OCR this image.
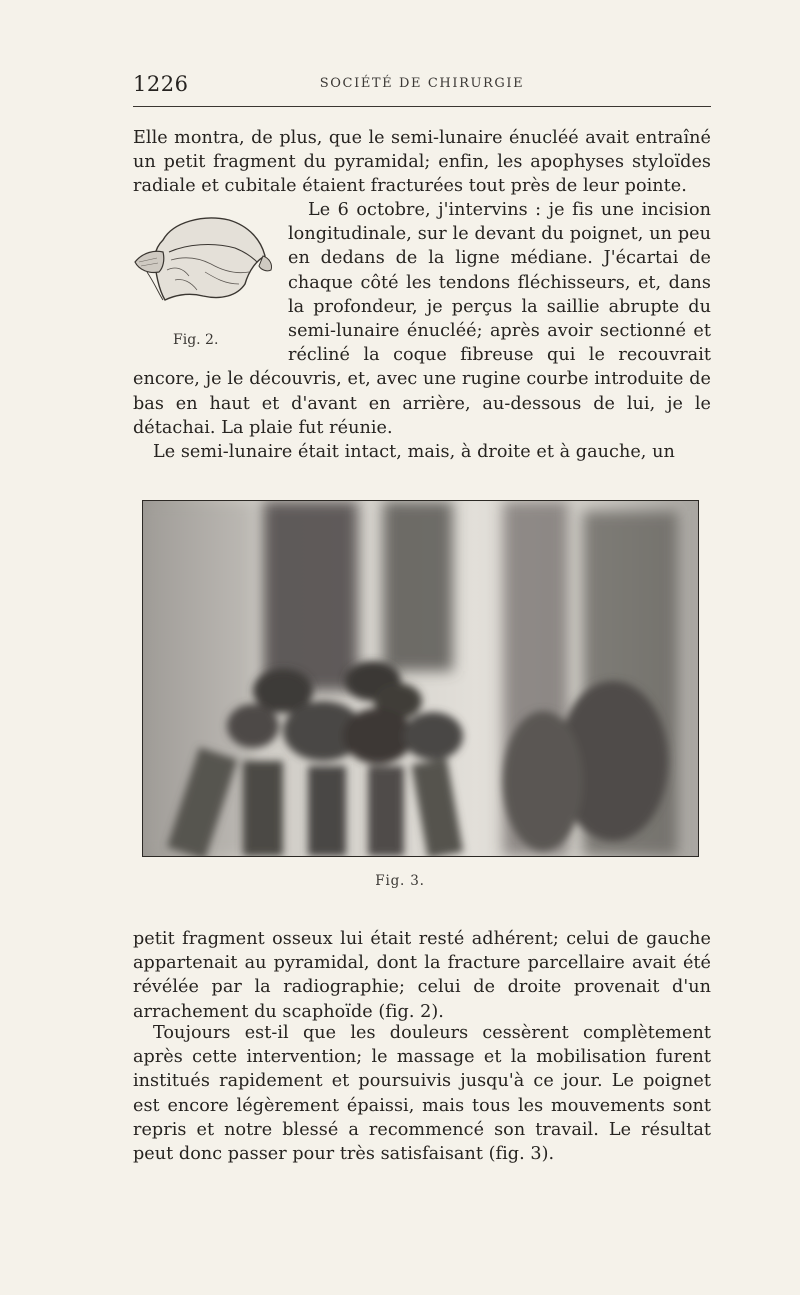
1226	SOCIÉTÉ DE CHIRURGIE

Elle montra, de plus, que le semi-lunaire énucléé avait entraîné un petit fragment du pyramidal; enfin, les apophyses styloïdes radiale et cubitale étaient fracturées tout près de leur pointe.

Le 6 octobre, j'intervins : je fis une incision longitudinale, sur le devant du poignet, un peu en dedans de la ligne médiane. J'écartai de chaque côté les tendons fléchisseurs, et, dans la profondeur, je perçus la saillie abrupte du semi-lunaire énucléé; après avoir sectionné et récliné la coque fibreuse qui le recouvrait encore, je le découvris, et, avec une rugine courbe introduite de bas en haut et d'avant en arrière, au-dessous de lui, je le détachai. La plaie fut réunie.

Fig. 2.

Le semi-lunaire était intact, mais, à droite et à gauche, un

Fig. 3.

petit fragment osseux lui était resté adhérent; celui de gauche appartenait au pyramidal, dont la fracture parcellaire avait été révélée par la radiographie; celui de droite provenait d'un arrachement du scaphoïde (fig. 2).

Toujours est-il que les douleurs cessèrent complètement après cette intervention; le massage et la mobilisation furent institués rapidement et poursuivis jusqu'à ce jour. Le poignet est encore légèrement épaissi, mais tous les mouvements sont repris et notre blessé a recommencé son travail. Le résultat peut donc passer pour très satisfaisant (fig. 3).
